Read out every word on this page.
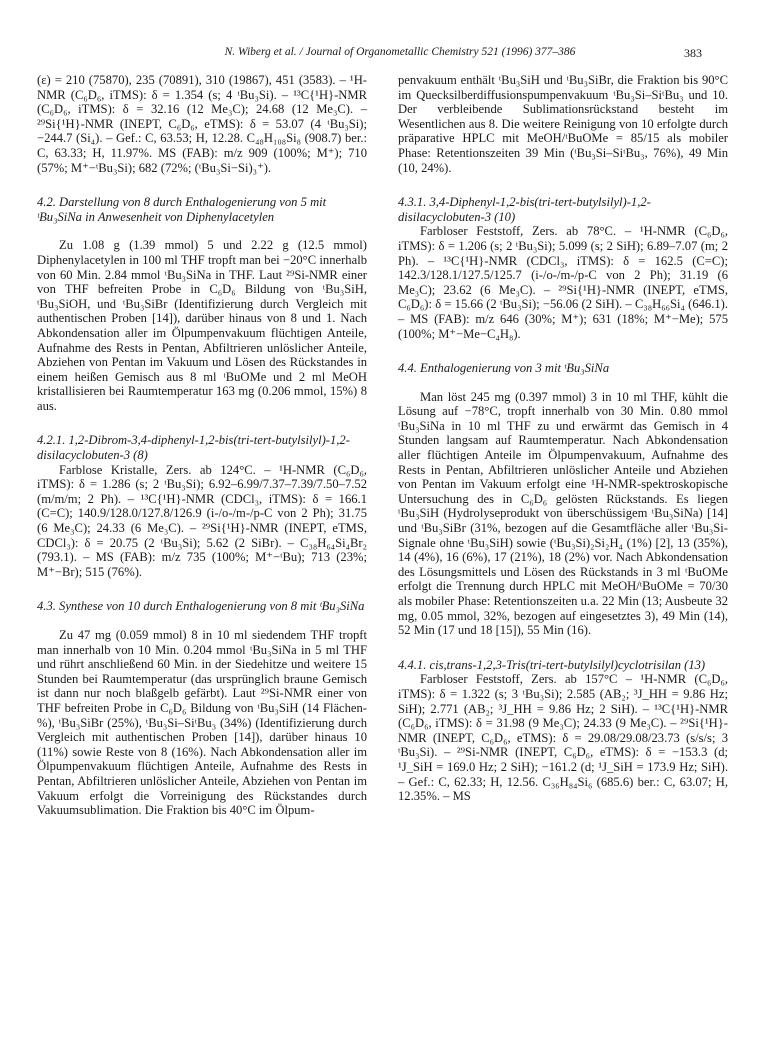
N. Wiberg et al. / Journal of Organometallic Chemistry 521 (1996) 377–386	383

(ε) = 210 (75870), 235 (70891), 310 (19867), 451 (3583). – ¹H-NMR (C₆D₆, iTMS): δ = 1.354 (s; 4 ᵗBu₃Si). – ¹³C{¹H}-NMR (C₆D₆, iTMS): δ = 32.16 (12 Me₃C); 24.68 (12 Me₃C). – ²⁹Si{¹H}-NMR (INEPT, C₆D₆, eTMS): δ = 53.07 (4 ᵗBu₃Si); −244.7 (Si₄). – Gef.: C, 63.53; H, 12.28. C₄₈H₁₀₈Si₈ (908.7) ber.: C, 63.33; H, 11.97%. MS (FAB): m/z 909 (100%; M⁺); 710 (57%; M⁺−ᵗBu₃Si); 682 (72%; (ᵗBu₃Si−Si)₃⁺).

4.2. Darstellung von 8 durch Enthalogenierung von 5 mit ᵗBu₃SiNa in Anwesenheit von Diphenylacetylen

Zu 1.08 g (1.39 mmol) 5 und 2.22 g (12.5 mmol) Diphenylacetylen in 100 ml THF tropft man bei −20°C innerhalb von 60 Min. 2.84 mmol ᵗBu₃SiNa in THF. Laut ²⁹Si-NMR einer von THF befreiten Probe in C₆D₆ Bildung von ᵗBu₃SiH, ᵗBu₃SiOH, und ᵗBu₃SiBr (Identifizierung durch Vergleich mit authentischen Proben [14]), darüber hinaus von 8 und 1. Nach Abkondensation aller im Ölpumpenvakuum flüchtigen Anteile, Aufnahme des Rests in Pentan, Abfiltrieren unlöslicher Anteile, Abziehen von Pentan im Vakuum und Lösen des Rückstandes in einem heißen Gemisch aus 8 ml ᵗBuOMe und 2 ml MeOH kristallisieren bei Raumtemperatur 163 mg (0.206 mmol, 15%) 8 aus.

4.2.1. 1,2-Dibrom-3,4-diphenyl-1,2-bis(tri-tert-butylsilyl)-1,2-disilacyclobuten-3 (8)

Farblose Kristalle, Zers. ab 124°C. – ¹H-NMR (C₆D₆, iTMS): δ = 1.286 (s; 2 ᵗBu₃Si); 6.92–6.99/7.37–7.39/7.50–7.52 (m/m/m; 2 Ph). – ¹³C{¹H}-NMR (CDCl₃, iTMS): δ = 166.1 (C=C); 140.9/128.0/127.8/126.9 (i-/o-/m-/p-C von 2 Ph); 31.75 (6 Me₃C); 24.33 (6 Me₃C). – ²⁹Si{¹H}-NMR (INEPT, eTMS, CDCl₃): δ = 20.75 (2 ᵗBu₃Si); 5.62 (2 SiBr). – C₃₈H₆₄Si₄Br₂ (793.1). – MS (FAB): m/z 735 (100%; M⁺−ᵗBu); 713 (23%; M⁺−Br); 515 (76%).

4.3. Synthese von 10 durch Enthalogenierung von 8 mit ᵗBu₃SiNa

Zu 47 mg (0.059 mmol) 8 in 10 ml siedendem THF tropft man innerhalb von 10 Min. 0.204 mmol ᵗBu₃SiNa in 5 ml THF und rührt anschließend 60 Min. in der Siedehitze und weitere 15 Stunden bei Raumtemperatur (das ursprünglich braune Gemisch ist dann nur noch blaßgelb gefärbt). Laut ²⁹Si-NMR einer von THF befreiten Probe in C₆D₆ Bildung von ᵗBu₃SiH (14 Flächen-%), ᵗBu₃SiBr (25%), ᵗBu₃Si–SiᵗBu₃ (34%) (Identifizierung durch Vergleich mit authentischen Proben [14]), darüber hinaus 10 (11%) sowie Reste von 8 (16%). Nach Abkondensation aller im Ölpumpenvakuum flüchtigen Anteile, Aufnahme des Rests in Pentan, Abfiltrieren unlöslicher Anteile, Abziehen von Pentan im Vakuum erfolgt die Vorreinigung des Rückstandes durch Vakuumsublimation. Die Fraktion bis 40°C im Ölpum-

penvakuum enthält ᵗBu₃SiH und ᵗBu₃SiBr, die Fraktion bis 90°C im Quecksilberdiffusionspumpenvakuum ᵗBu₃Si–SiᵗBu₃ und 10. Der verbleibende Sublimationsrückstand besteht im Wesentlichen aus 8. Die weitere Reinigung von 10 erfolgte durch präparative HPLC mit MeOH/ᵗBuOMe = 85/15 als mobiler Phase: Retentionszeiten 39 Min (ᵗBu₃Si–SiᵗBu₃, 76%), 49 Min (10, 24%).

4.3.1. 3,4-Diphenyl-1,2-bis(tri-tert-butylsilyl)-1,2-disilacyclobuten-3 (10)

Farbloser Feststoff, Zers. ab 78°C. – ¹H-NMR (C₆D₆, iTMS): δ = 1.206 (s; 2 ᵗBu₃Si); 5.099 (s; 2 SiH); 6.89–7.07 (m; 2 Ph). – ¹³C{¹H}-NMR (CDCl₃, iTMS): δ = 162.5 (C=C); 142.3/128.1/127.5/125.7 (i-/o-/m-/p-C von 2 Ph); 31.19 (6 Me₃C); 23.62 (6 Me₃C). – ²⁹Si{¹H}-NMR (INEPT, eTMS, C₆D₆): δ = 15.66 (2 ᵗBu₃Si); −56.06 (2 SiH). – C₃₈H₆₆Si₄ (646.1). – MS (FAB): m/z 646 (30%; M⁺); 631 (18%; M⁺−Me); 575 (100%; M⁺−Me−C₄H₈).

4.4. Enthalogenierung von 3 mit ᵗBu₃SiNa

Man löst 245 mg (0.397 mmol) 3 in 10 ml THF, kühlt die Lösung auf −78°C, tropft innerhalb von 30 Min. 0.80 mmol ᵗBu₃SiNa in 10 ml THF zu und erwärmt das Gemisch in 4 Stunden langsam auf Raumtemperatur. Nach Abkondensation aller flüchtigen Anteile im Ölpumpenvakuum, Aufnahme des Rests in Pentan, Abfiltrieren unlöslicher Anteile und Abziehen von Pentan im Vakuum erfolgt eine ¹H-NMR-spektroskopische Untersuchung des in C₆D₆ gelösten Rückstands. Es liegen ᵗBu₃SiH (Hydrolyseprodukt von überschüssigem ᵗBu₃SiNa) [14] und ᵗBu₃SiBr (31%, bezogen auf die Gesamtfläche aller ᵗBu₃Si-Signale ohne ᵗBu₃SiH) sowie (ᵗBu₃Si)₂Si₂H₄ (1%) [2], 13 (35%), 14 (4%), 16 (6%), 17 (21%), 18 (2%) vor. Nach Abkondensation des Lösungsmittels und Lösen des Rückstands in 3 ml ᵗBuOMe erfolgt die Trennung durch HPLC mit MeOH/ᵗBuOMe = 70/30 als mobiler Phase: Retentionszeiten u.a. 22 Min (13; Ausbeute 32 mg, 0.05 mmol, 32%, bezogen auf eingesetztes 3), 49 Min (14), 52 Min (17 und 18 [15]), 55 Min (16).

4.4.1. cis,trans-1,2,3-Tris(tri-tert-butylsilyl)cyclotrisilan (13)

Farbloser Feststoff, Zers. ab 157°C – ¹H-NMR (C₆D₆, iTMS): δ = 1.322 (s; 3 ᵗBu₃Si); 2.585 (AB₂; ³J_HH = 9.86 Hz; SiH); 2.771 (AB₂; ³J_HH = 9.86 Hz; 2 SiH). – ¹³C{¹H}-NMR (C₆D₆, iTMS): δ = 31.98 (9 Me₃C); 24.33 (9 Me₃C). – ²⁹Si{¹H}-NMR (INEPT, C₆D₆, eTMS): δ = 29.08/29.08/23.73 (s/s/s; 3 ᵗBu₃Si). – ²⁹Si-NMR (INEPT, C₆D₆, eTMS): δ = −153.3 (d; ¹J_SiH = 169.0 Hz; 2 SiH); −161.2 (d; ¹J_SiH = 173.9 Hz; SiH). – Gef.: C, 62.33; H, 12.56. C₃₆H₈₄Si₆ (685.6) ber.: C, 63.07; H, 12.35%. – MS
